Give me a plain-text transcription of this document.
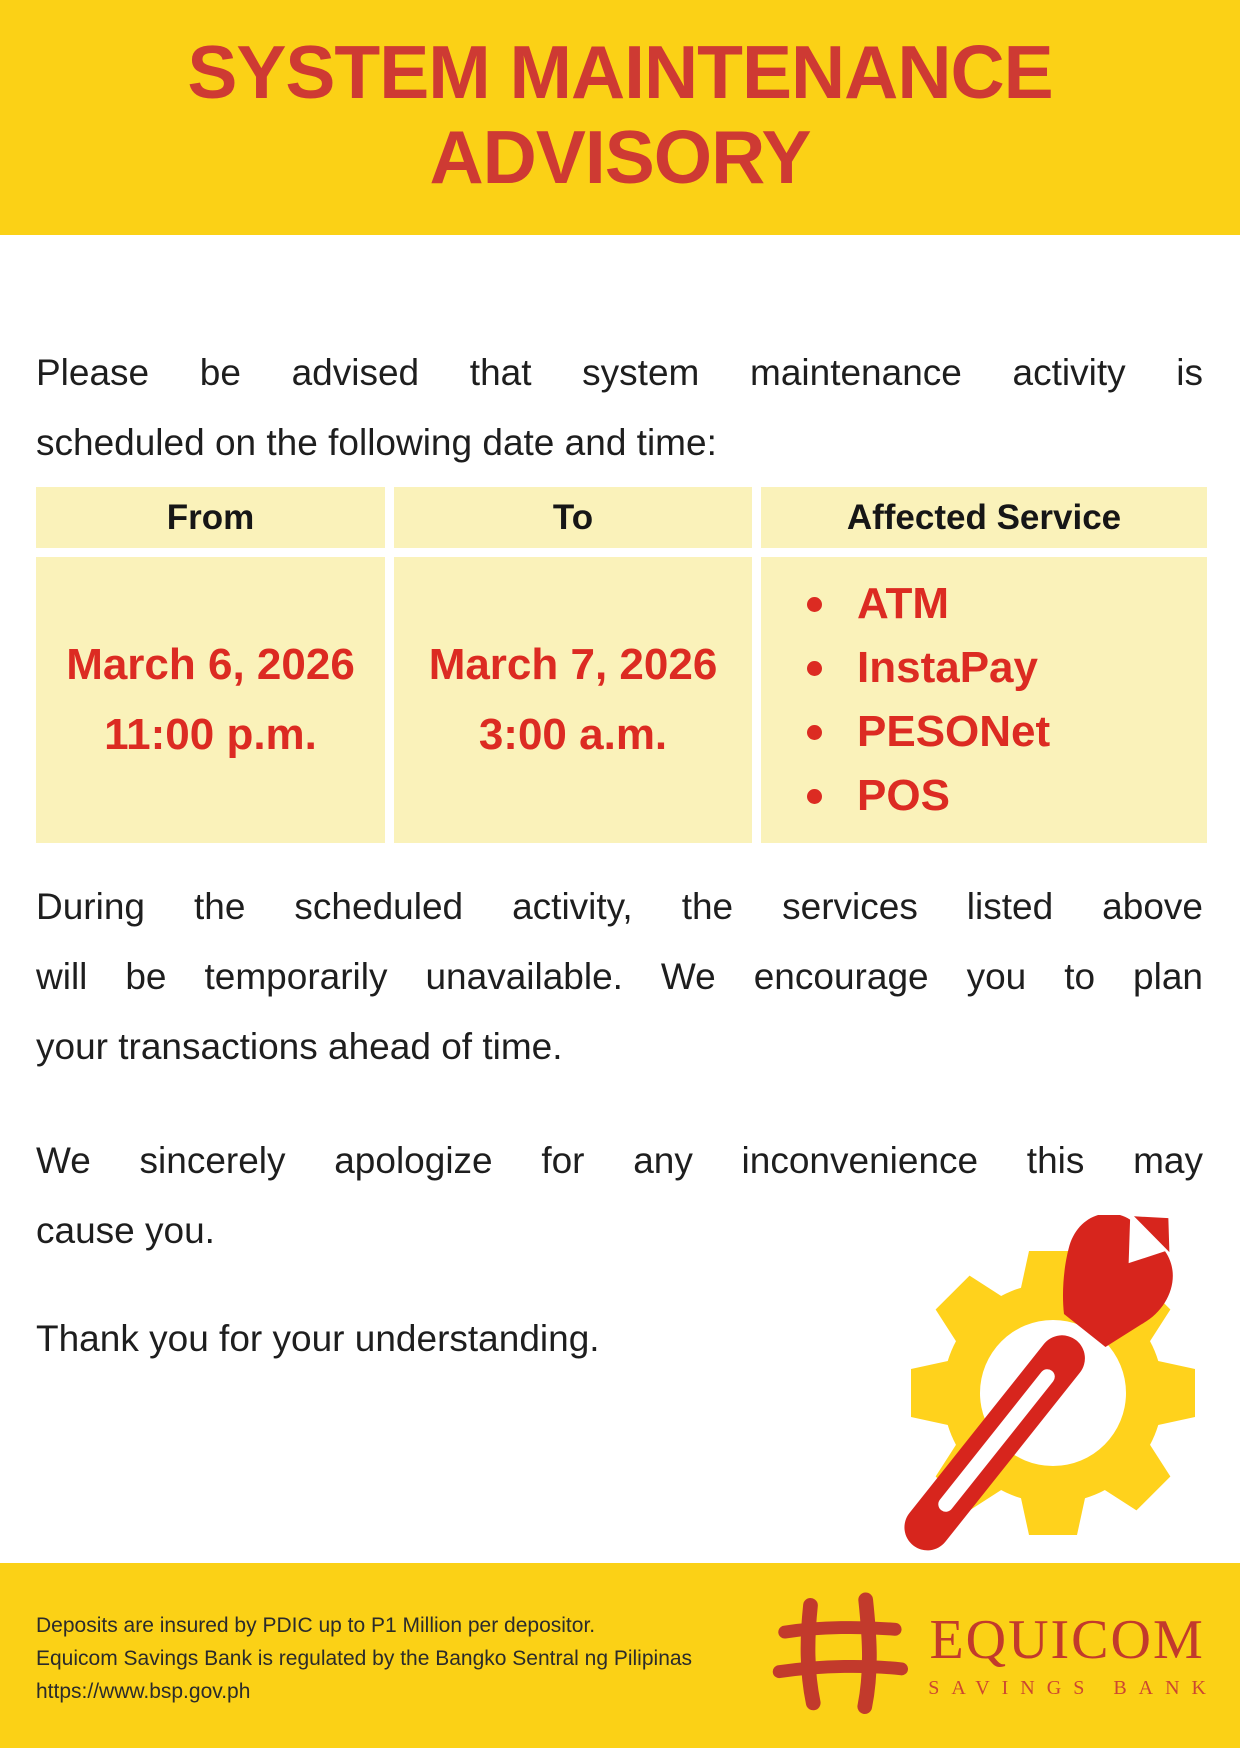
SYSTEM MAINTENANCE
ADVISORY

Please be advised that system maintenance activity is
scheduled on the following date and time:

From	To	Affected Service
March 6, 2026
11:00 p.m.
March 7, 2026
3:00 a.m.
ATM
InstaPay
PESONet
POS

During the scheduled activity, the services listed above
will be temporarily unavailable. We encourage you to plan
your transactions ahead of time.

We sincerely apologize for any inconvenience this may
cause you.

Thank you for your understanding.

Deposits are insured by PDIC up to P1 Million per depositor.
Equicom Savings Bank is regulated by the Bangko Sentral ng Pilipinas
https://www.bsp.gov.ph
EQUICOM
SAVINGS BANK
